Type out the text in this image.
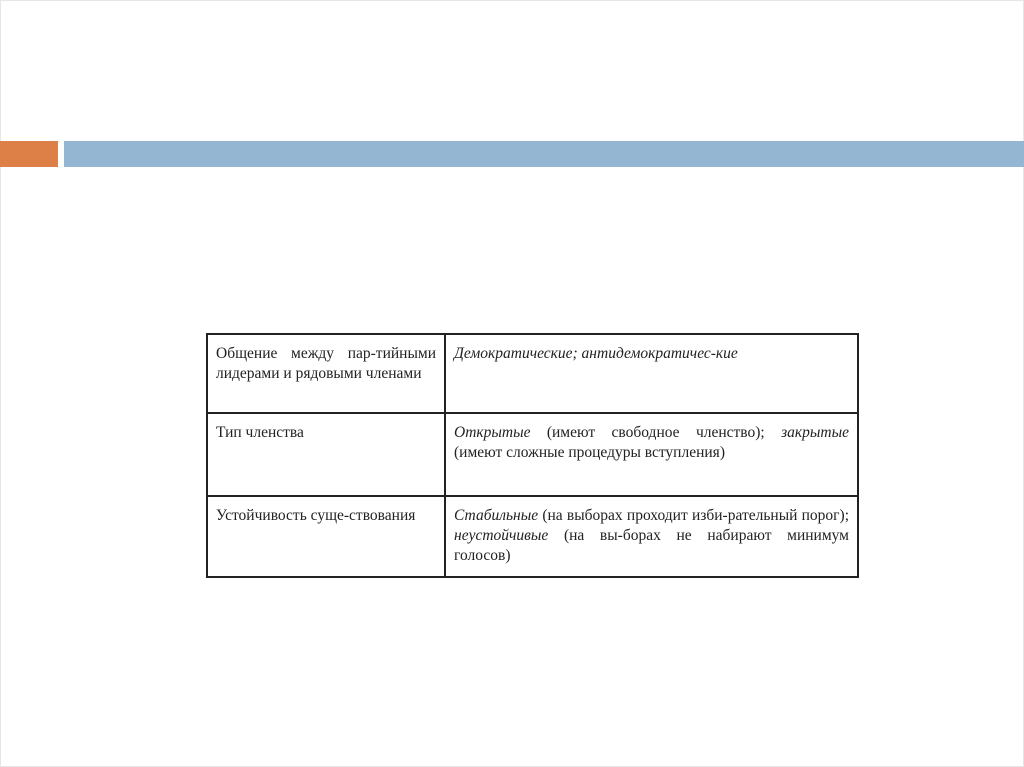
Общение между пар-тийными лидерами и рядовыми членами	Демократические; антидемократичес-кие
Тип членства	Открытые (имеют свободное членство); закрытые (имеют сложные процедуры вступления)
Устойчивость суще-ствования	Стабильные (на выборах проходит изби-рательный порог); неустойчивые (на вы-борах не набирают минимум голосов)
